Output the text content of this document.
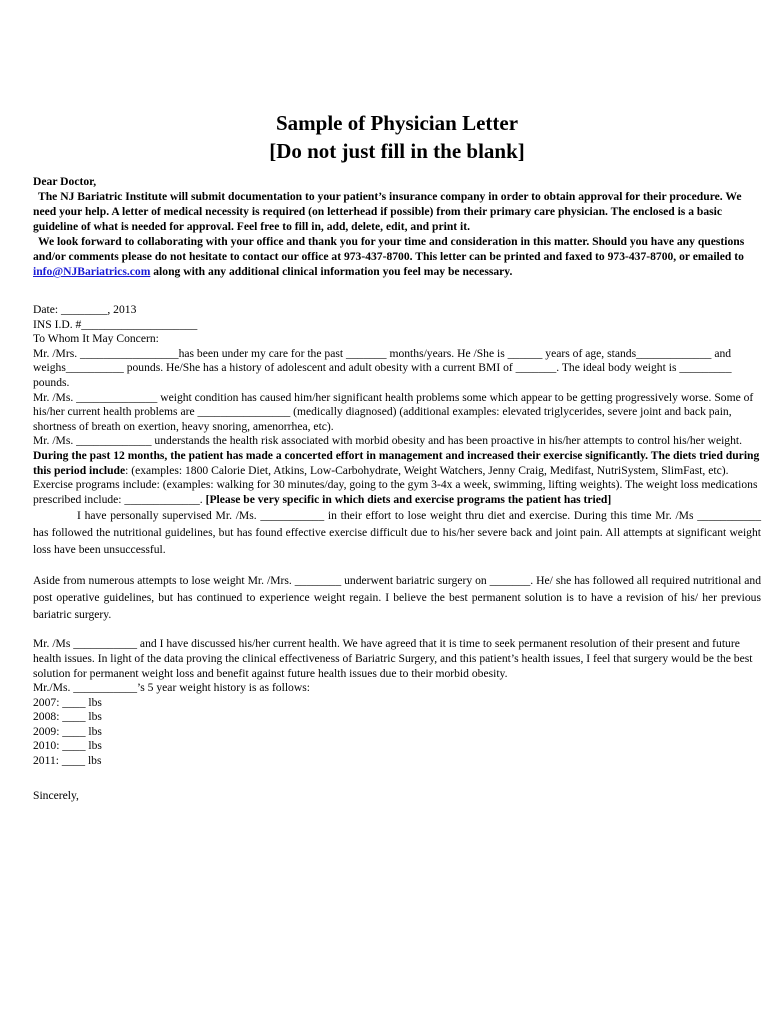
Sample of Physician Letter
[Do not just fill in the blank]

Dear Doctor,

The NJ Bariatric Institute will submit documentation to your patient’s insurance company in order to obtain approval for their procedure. We need your help. A letter of medical necessity is required (on letterhead if possible) from their primary care physician. The enclosed is a basic guideline of what is needed for approval. Feel free to fill in, add, delete, edit, and print it.

We look forward to collaborating with your office and thank you for your time and consideration in this matter. Should you have any questions and/or comments please do not hesitate to contact our office at 973-437-8700. This letter can be printed and faxed to 973-437-8700, or emailed to info@NJBariatrics.com along with any additional clinical information you feel may be necessary.

Date: ________, 2013

INS I.D. #____________________

To Whom It May Concern:

Mr. /Mrs. _________________has been under my care for the past _______ months/years. He /She is ______ years of age, stands_____________ and weighs__________ pounds. He/She has a history of adolescent and adult obesity with a current BMI of _______. The ideal body weight is _________ pounds.

Mr. /Ms. ______________ weight condition has caused him/her significant health problems some which appear to be getting progressively worse. Some of his/her current health problems are ________________ (medically diagnosed) (additional examples: elevated triglycerides, severe joint and back pain, shortness of breath on exertion, heavy snoring, amenorrhea, etc).

Mr. /Ms. _____________ understands the health risk associated with morbid obesity and has been proactive in his/her attempts to control his/her weight. During the past 12 months, the patient has made a concerted effort in management and increased their exercise significantly. The diets tried during this period include: (examples: 1800 Calorie Diet, Atkins, Low-Carbohydrate, Weight Watchers, Jenny Craig, Medifast, NutriSystem, SlimFast, etc). Exercise programs include: (examples: walking for 30 minutes/day, going to the gym 3-4x a week, swimming, lifting weights). The weight loss medications prescribed include: _____________. [Please be very specific in which diets and exercise programs the patient has tried]

I have personally supervised Mr. /Ms. ___________ in their effort to lose weight thru diet and exercise. During this time Mr. /Ms ___________ has followed the nutritional guidelines, but has found effective exercise difficult due to his/her severe back and joint pain. All attempts at significant weight loss have been unsuccessful.

Aside from numerous attempts to lose weight Mr. /Mrs. ________ underwent bariatric surgery on _______. He/ she has followed all required nutritional and post operative guidelines, but has continued to experience weight regain. I believe the best permanent solution is to have a revision of his/ her previous bariatric surgery.

Mr. /Ms ___________ and I have discussed his/her current health. We have agreed that it is time to seek permanent resolution of their present and future health issues. In light of the data proving the clinical effectiveness of Bariatric Surgery, and this patient’s health issues, I feel that surgery would be the best solution for permanent weight loss and benefit against future health issues due to their morbid obesity.

Mr./Ms. ___________’s 5 year weight history is as follows:

2007: ____ lbs
2008: ____ lbs
2009: ____ lbs
2010: ____ lbs
2011: ____ lbs

Sincerely,
